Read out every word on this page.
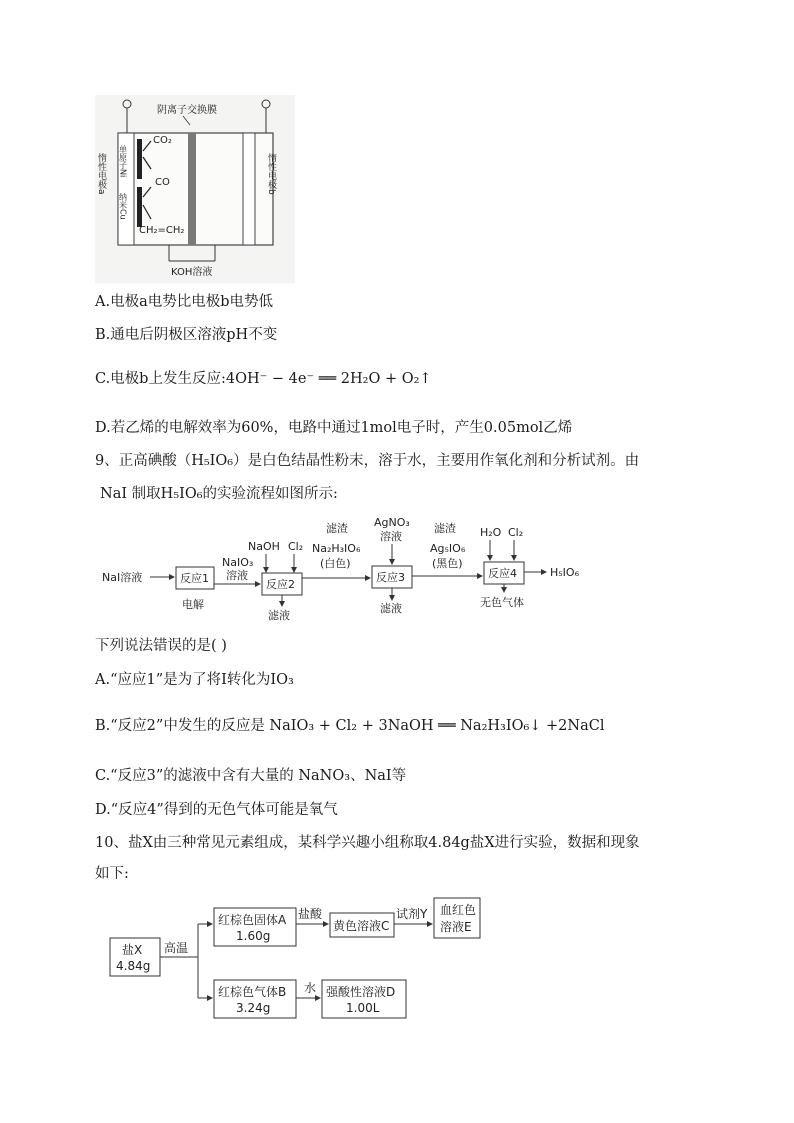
阴离子交换膜
惰性电极a	惰性电极b
单原子Ni
纳米Cu
CO₂
CO
CH₂=CH₂
KOH溶液
A.电极a电势比电极b电势低
B.通电后阴极区溶液pH不变
C.电极b上发生反应:4OH⁻ − 4e⁻ ══ 2H₂O + O₂↑
D.若乙烯的电解效率为60%，电路中通过1mol电子时，产生0.05mol乙烯
9、正高碘酸（H₅IO₆）是白色结晶性粉末，溶于水，主要用作氧化剂和分析试剂。由
NaI 制取H₅IO₆的实验流程如图所示:
NaI溶液	反应1
电解
NaIO₃
溶液
NaOH Cl₂
反应2
滤液
滤渣
Na₂H₃IO₆
(白色)
AgNO₃
溶液
反应3
滤液
滤渣
Ag₅IO₆
(黑色)
H₂O Cl₂
反应4
无色气体
H₅IO₆
下列说法错误的是( )
A.“应应1”是为了将I转化为IO₃
B.“反应2”中发生的反应是 NaIO₃ + Cl₂ + 3NaOH ══ Na₂H₃IO₆↓ +2NaCl
C.“反应3”的滤液中含有大量的 NaNO₃、NaI等
D.“反应4”得到的无色气体可能是氧气
10、盐X由三种常见元素组成，某科学兴趣小组称取4.84g盐X进行实验，数据和现象
如下:
盐X
4.84g
高温
红棕色固体A
1.60g
盐酸
黄色溶液C
试剂Y 血红色
溶液E
红棕色气体B
3.24g
水 强酸性溶液D
1.00L
